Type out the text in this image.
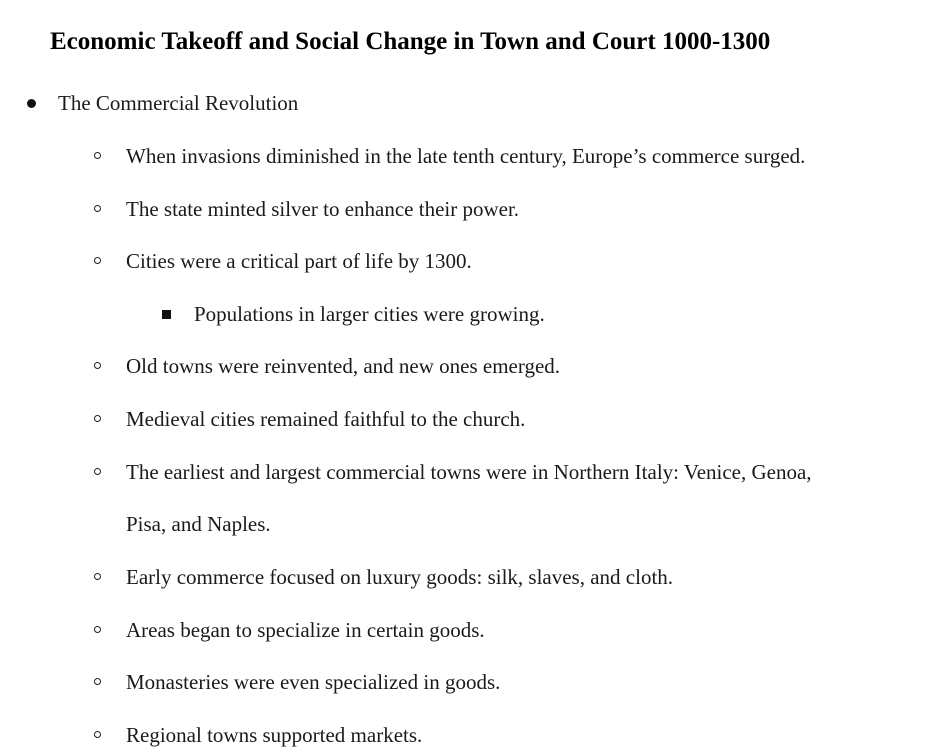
Economic Takeoff and Social Change in Town and Court 1000-1300
The Commercial Revolution
When invasions diminished in the late tenth century, Europe’s commerce surged.
The state minted silver to enhance their power.
Cities were a critical part of life by 1300.
Populations in larger cities were growing.
Old towns were reinvented, and new ones emerged.
Medieval cities remained faithful to the church.
The earliest and largest commercial towns were in Northern Italy: Venice, Genoa,
Pisa, and Naples.
Early commerce focused on luxury goods: silk, slaves, and cloth.
Areas began to specialize in certain goods.
Monasteries were even specialized in goods.
Regional towns supported markets.
